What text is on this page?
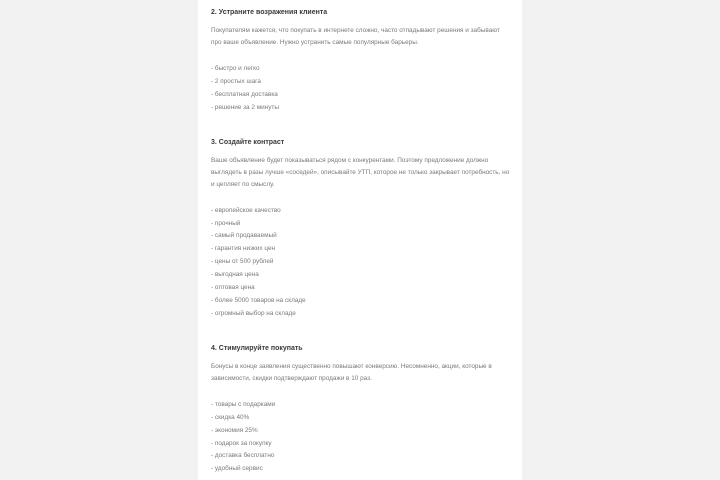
2. Устраните возражения клиента
Покупателям кажется, что покупать в интернете сложно, часто отпадывают решения и забывают про ваше объявление. Нужно устранить самые популярные барьеры.
- быстро и легко
- 2 простых шага
- бесплатная доставка
- решение за 2 минуты
3. Создайте контраст
Ваше объявление будет показываться рядом с конкурентами. Поэтому предложение должно выглядеть в разы лучше «соседей», описывайте УТП, которое не только закрывает потребность, но и цепляет по смыслу.
- европейское качество
- прочный
- самый продаваемый
- гарантия низких цен
- цены от 500 рублей
- выгодная цена
- оптовая цена
- более 5000 товаров на складе
- огромный выбор на складе
4. Стимулируйте покупать
Бонусы в конце заявления существенно повышают конверсию. Несомненно, акции, которые в зависимости, скидки подтверждают продажи в 10 раз.
- товары с подарками
- скидка 40%
- экономия 25%
- подарок за покупку
- доставка бесплатно
- удобный сервис
